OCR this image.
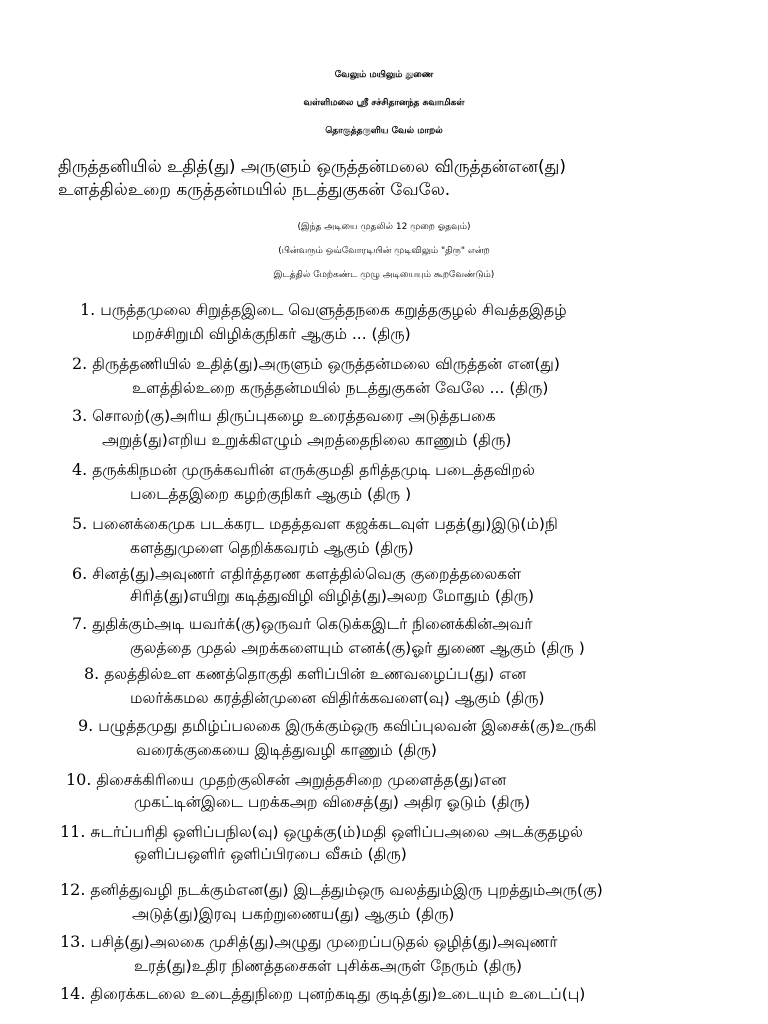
வேலும் மயிலும் துணை
வள்ளிமலை ஸ்ரீ சச்சிதானந்த சுவாமிகள்
தொகுத்தருளிய வேல் மாறல்
திருத்தனியில் உதித்(து) அருளும் ஒருத்தன்மலை விருத்தன்என(து)
உளத்தில்உறை கருத்தன்மயில் நடத்துகுகன் வேலே.
(இந்த அடியை முதலில் 12 முறை ஓதவும்)
(பின்வரும் ஒவ்வோரடியின் முடிவிலும் "திரு" என்ற
இடத்தில் மேற்கண்ட முழு அடியையும் கூறவேண்டும்)
1. பருத்தமுலை சிறுத்தஇடை வெளுத்தநகை கறுத்தகுழல் சிவத்தஇதழ்
மறச்சிறுமி விழிக்குநிகர் ஆகும் ... (திரு)
2. திருத்தணியில் உதித்(து)அருளும் ஒருத்தன்மலை விருத்தன் என(து)
உளத்தில்உறை கருத்தன்மயில் நடத்துகுகன் வேலே ... (திரு)
3. சொலற்(கு)அரிய திருப்புகழை உரைத்தவரை அடுத்தபகை
அறுத்(து)எறிய உறுக்கிஎழும் அறத்தைநிலை காணும் (திரு)
4. தருக்கிநமன் முருக்கவரின் எருக்குமதி தரித்தமுடி படைத்தவிறல்
படைத்தஇறை கழற்குநிகர் ஆகும் (திரு )
5. பனைக்கைமுக படக்கரட மதத்தவள கஜக்கடவுள் பதத்(து)இடு(ம்)நி
களத்துமுளை தெறிக்கவரம் ஆகும் (திரு)
6. சினத்(து)அவுணர் எதிர்த்தரண களத்தில்வெகு குறைத்தலைகள்
சிரித்(து)எயிறு கடித்துவிழி விழித்(து)அலற மோதும் (திரு)
7. துதிக்கும்அடி யவர்க்(கு)ஒருவர் கெடுக்கஇடர் நினைக்கின்அவர்
குலத்தை முதல் அறக்களையும் எனக்(கு)ஓர் துணை ஆகும் (திரு )
8. தலத்தில்உள கணத்தொகுதி களிப்பின் உணவழைப்ப(து) என
மலர்க்கமல கரத்தின்முனை விதிர்க்கவளை(வு) ஆகும் (திரு)
9. பழுத்தமுது தமிழ்ப்பலகை இருக்கும்ஒரு கவிப்புலவன் இசைக்(கு)உருகி
வரைக்குகையை இடித்துவழி காணும் (திரு)
10. திசைக்கிரியை முதற்குலிசன் அறுத்தசிறை முளைத்த(து)என
முகட்டின்இடை பறக்கஅற விசைத்(து) அதிர ஓடும் (திரு)
11. சுடர்ப்பரிதி ஒளிப்பநில(வு) ஒழுக்கு(ம்)மதி ஒளிப்பஅலை அடக்குதழல்
ஒளிப்பஒளிர் ஒளிப்பிரபை வீசும் (திரு)
12. தனித்துவழி நடக்கும்என(து) இடத்தும்ஒரு வலத்தும்இரு புறத்தும்அரு(கு)
அடுத்(து)இரவு பகற்றுணைய(து) ஆகும் (திரு)
13. பசித்(து)அலகை முசித்(து)அழுது முறைப்படுதல் ஒழித்(து)அவுணர்
உரத்(து)உதிர நிணத்தசைகள் புசிக்கஅருள் நேரும் (திரு)
14. திரைக்கடலை உடைத்துநிறை புனற்கடிது குடித்(து)உடையும் உடைப்(பு)
